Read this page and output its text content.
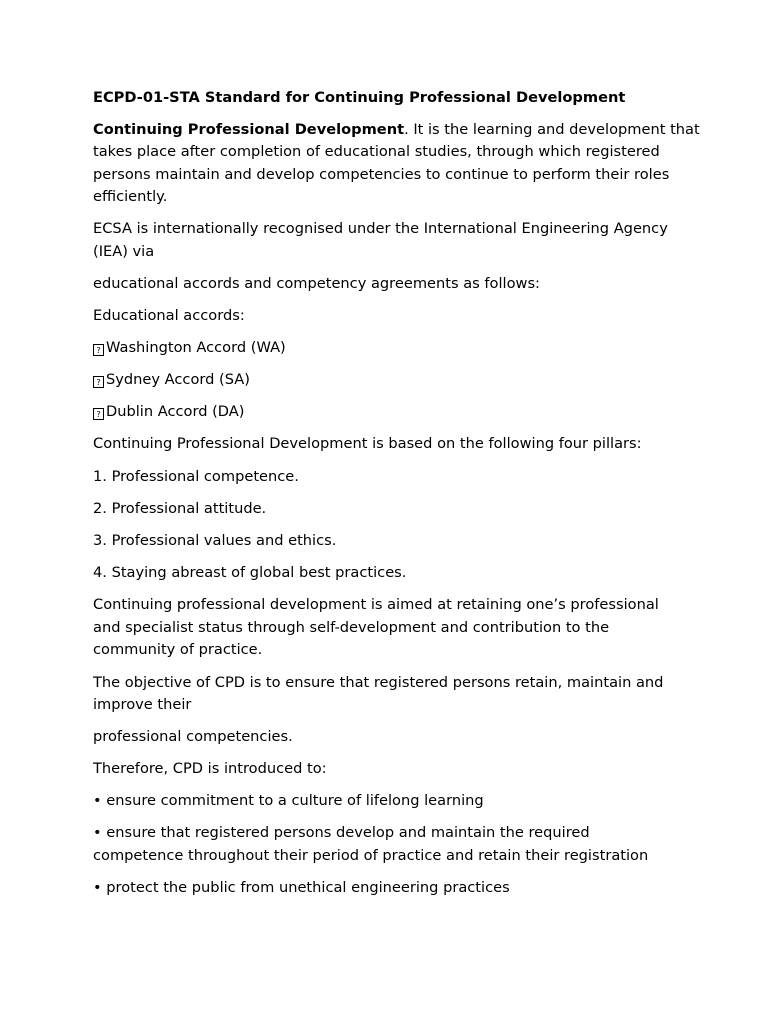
ECPD-01-STA Standard for Continuing Professional Development

Continuing Professional Development. It is the learning and development that

takes place after completion of educational studies, through which registered

persons maintain and develop competencies to continue to perform their roles

efficiently.

ECSA is internationally recognised under the International Engineering Agency

(IEA) via

educational accords and competency agreements as follows:

Educational accords:

? Washington Accord (WA)

? Sydney Accord (SA)

? Dublin Accord (DA)

Continuing Professional Development is based on the following four pillars:

1. Professional competence.

2. Professional attitude.

3. Professional values and ethics.

4. Staying abreast of global best practices.

Continuing professional development is aimed at retaining one’s professional

and specialist status through self-development and contribution to the

community of practice.

The objective of CPD is to ensure that registered persons retain, maintain and

improve their

professional competencies.

Therefore, CPD is introduced to:

• ensure commitment to a culture of lifelong learning

• ensure that registered persons develop and maintain the required

competence throughout their period of practice and retain their registration

• protect the public from unethical engineering practices
